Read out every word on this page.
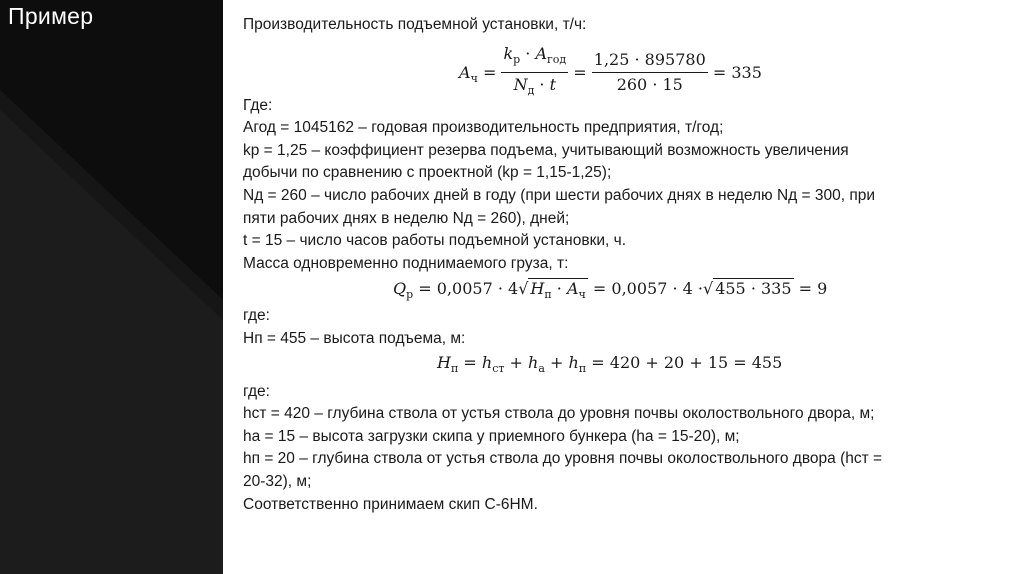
Пример	Производительность подъемной установки, т/ч:
$A_ч = \frac{k_р \cdot A_{год}}{N_д \cdot t} = \frac{1,25 \cdot 895780}{260 \cdot 15} = 335$
Где:
Агод = 1045162 – годовая производительность предприятия, т/год;
kр = 1,25 – коэффициент резерва подъема, учитывающий возможность увеличения
добычи по сравнению с проектной (kр = 1,15-1,25);
Nд = 260 – число рабочих дней в году (при шести рабочих днях в неделю Nд = 300, при
пяти рабочих днях в неделю Nд = 260), дней;
t = 15 – число часов работы подъемной установки, ч.
Масса одновременно поднимаемого груза, т:
$Q_р = 0,0057 \cdot 4√$ $H_п \cdot A_ч = 0,0057 \cdot 4$ ·√ 455 · 335 = 9
где:
Нп = 455 – высота подъема, м:
$H_п = h_{ст} + h_а + h_п = 420 + 20 + 15 = 455$
где:
hст = 420 – глубина ствола от устья ствола до уровня почвы околоствольного двора, м;
hа = 15 – высота загрузки скипа у приемного бункера (hа = 15-20), м;
hп = 20 – глубина ствола от устья ствола до уровня почвы околоствольного двора (hст =
20-32), м;
Соответственно принимаем скип С-6НМ.
